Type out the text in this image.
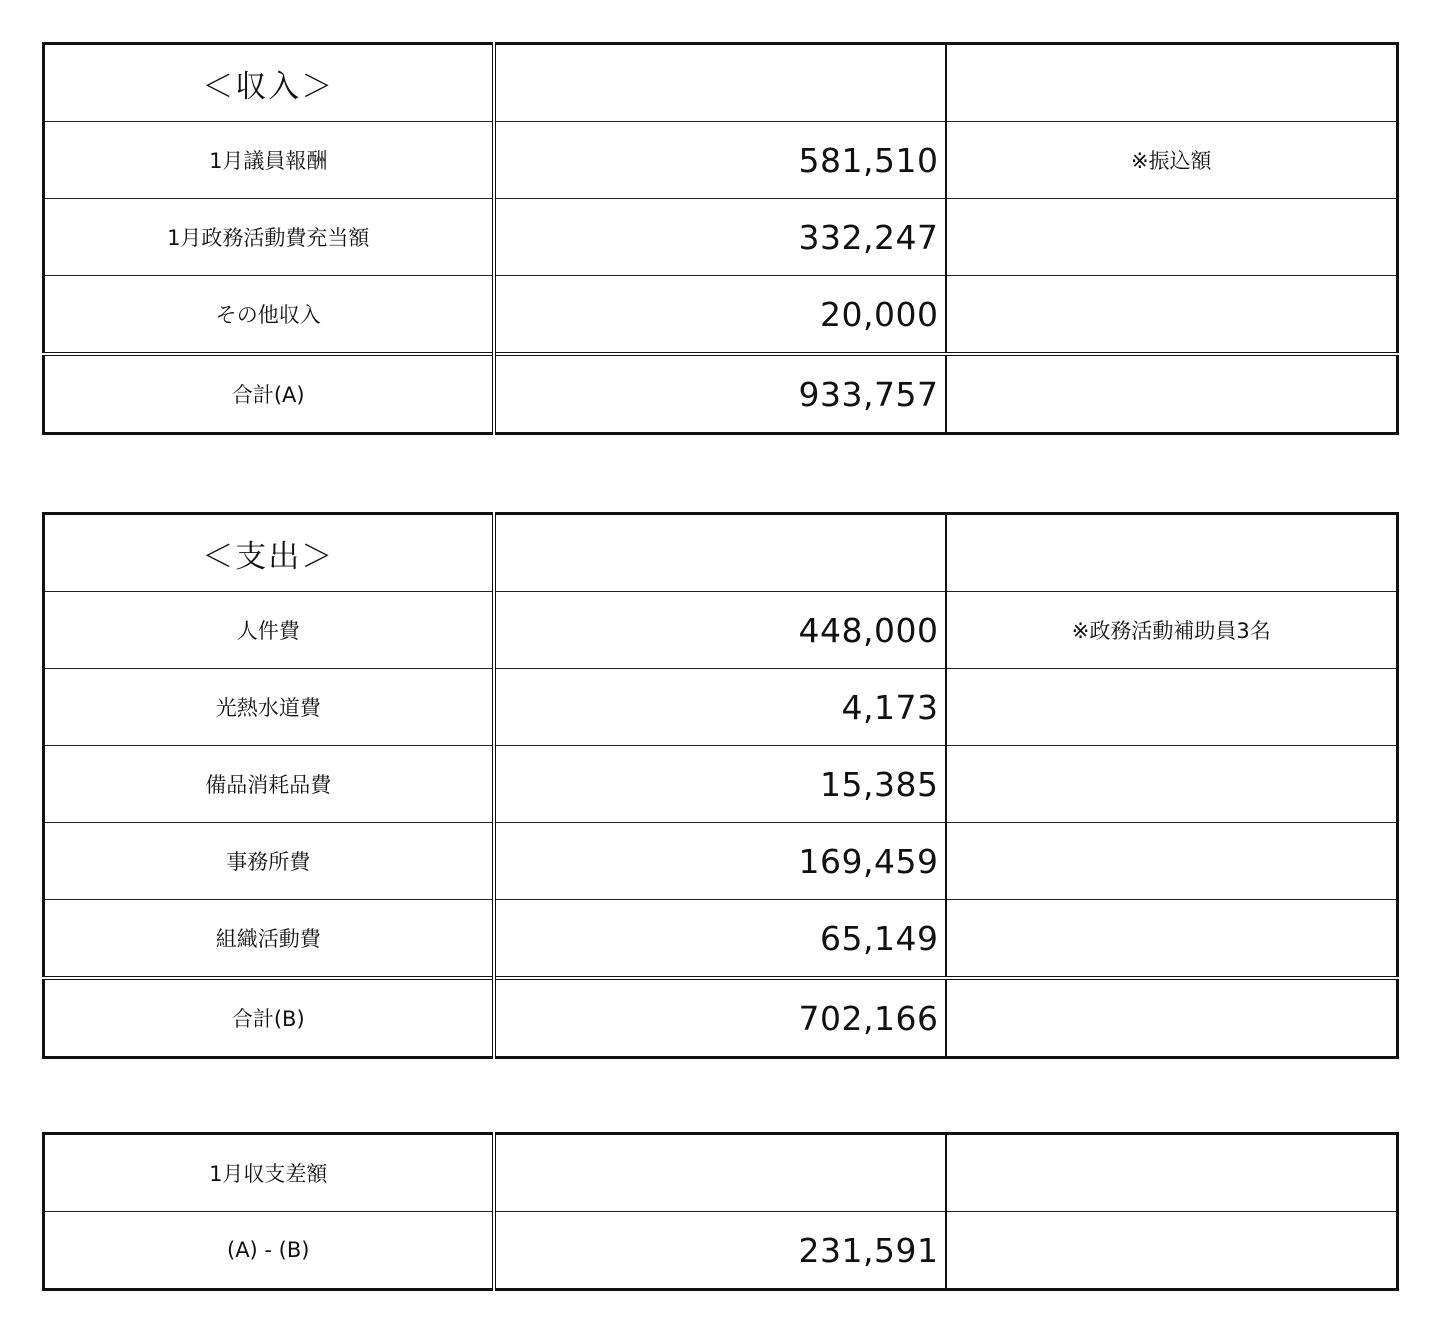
＜収入＞		
1月議員報酬	581,510	※振込額
1月政務活動費充当額	332,247	
その他収入	20,000	
合計(A)	933,757	
＜支出＞		
人件費	448,000	※政務活動補助員3名
光熱水道費	4,173	
備品消耗品費	15,385	
事務所費	169,459	
組織活動費	65,149	
合計(B)	702,166	
1月収支差額		
(A) - (B)	231,591	
